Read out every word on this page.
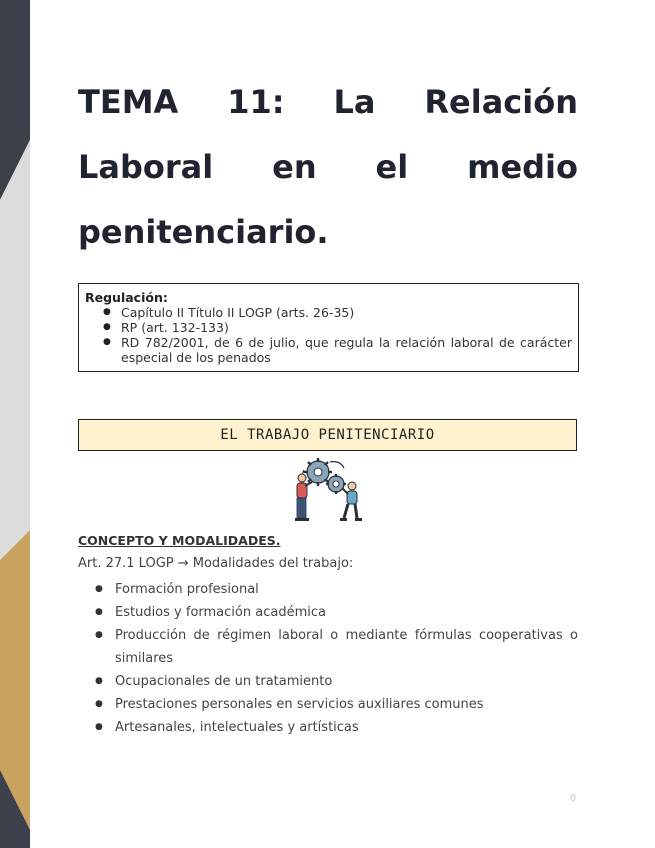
TEMA 11: La Relación
Laboral en el medio
penitenciario.
Regulación:
● Capítulo II Título II LOGP (arts. 26-35)
● RP (art. 132-133)
● RD 782/2001, de 6 de julio, que regula la relación laboral de carácter especial de los penados
EL TRABAJO PENITENCIARIO
CONCEPTO Y MODALIDADES.
Art. 27.1 LOGP → Modalidades del trabajo:
● Formación profesional
● Estudios y formación académica
● Producción de régimen laboral o mediante fórmulas cooperativas o similares
● Ocupacionales de un tratamiento
● Prestaciones personales en servicios auxiliares comunes
● Artesanales, intelectuales y artísticas
0
